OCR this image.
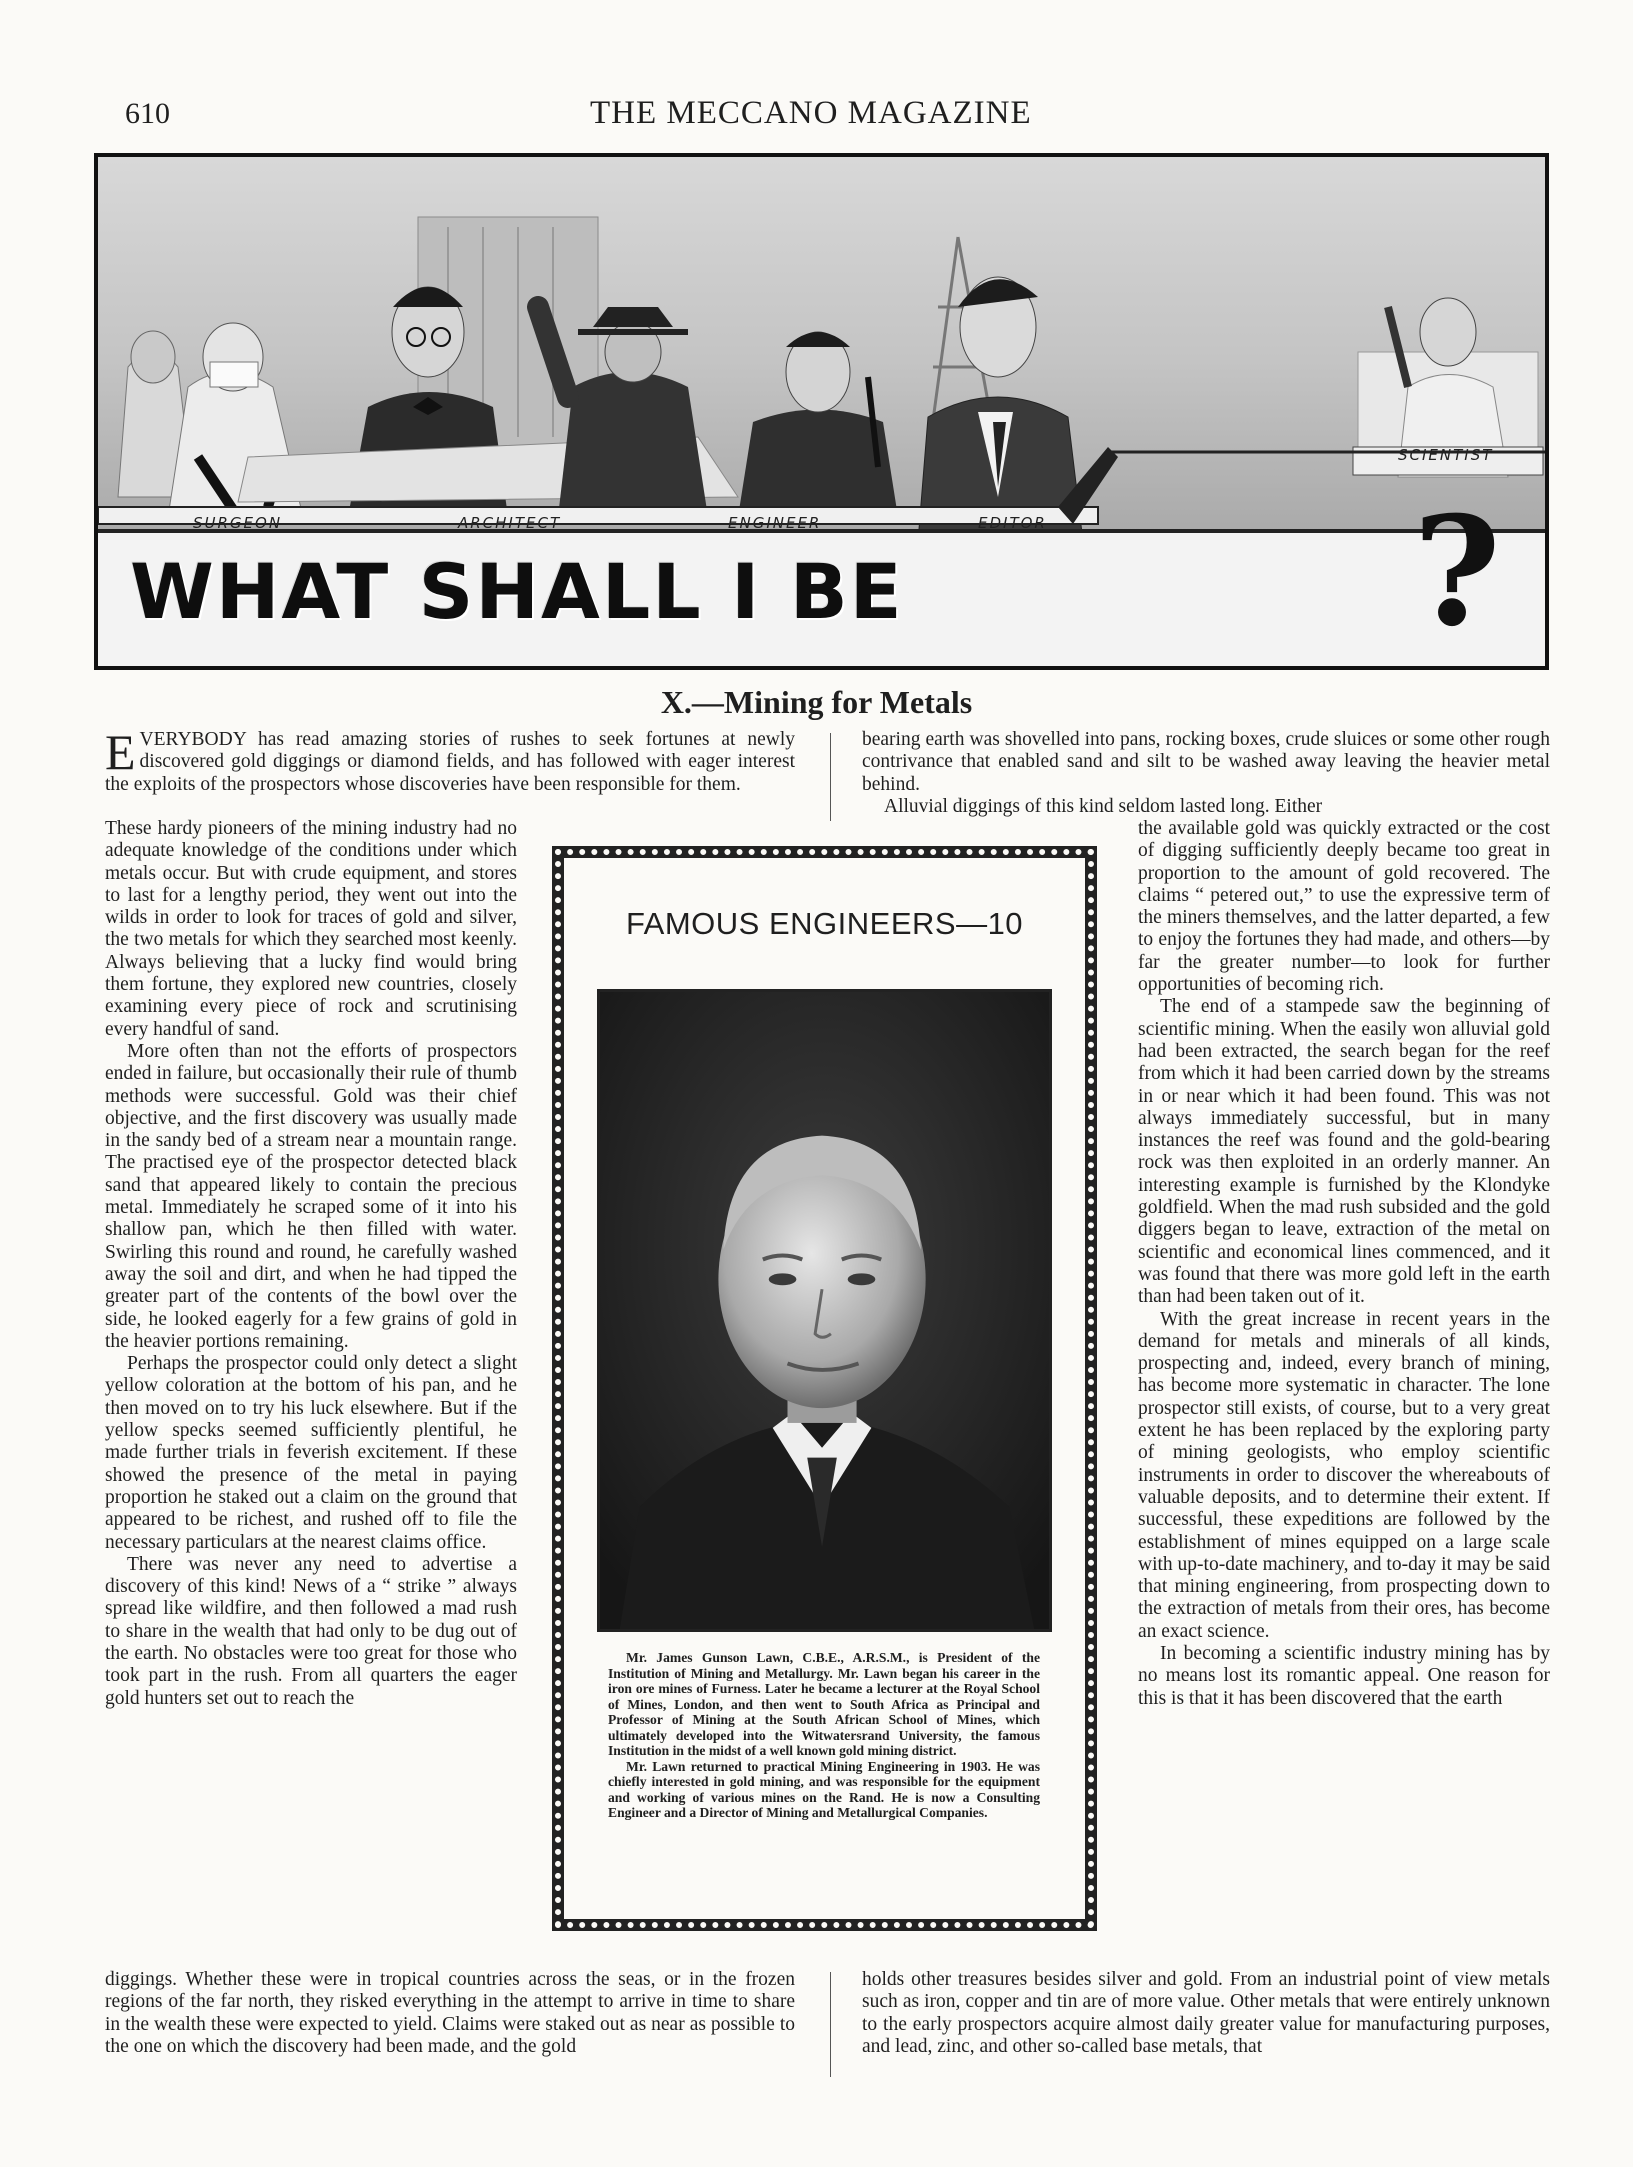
610	THE MECCANO MAGAZINE
SURGEON	ARCHITECT	ENGINEER	EDITOR
SCIENTIST
WHAT SHALL I BE	?
X.—Mining for Metals

EVERYBODY has read amazing stories of rushes to seek fortunes at newly discovered gold diggings or diamond fields, and has followed with eager interest the exploits of the prospectors whose discoveries have been responsible for them.

bearing earth was shovelled into pans, rocking boxes, crude sluices or some other rough contrivance that enabled sand and silt to be washed away leaving the heavier metal behind.

Alluvial diggings of this kind seldom lasted long. Either

These hardy pioneers of the mining industry had no adequate knowledge of the conditions under which metals occur. But with crude equipment, and stores to last for a lengthy period, they went out into the wilds in order to look for traces of gold and silver, the two metals for which they searched most keenly. Always believing that a lucky find would bring them fortune, they explored new countries, closely examining every piece of rock and scrutinising every handful of sand.

More often than not the efforts of prospectors ended in failure, but occasionally their rule of thumb methods were successful. Gold was their chief objective, and the first discovery was usually made in the sandy bed of a stream near a mountain range. The practised eye of the prospector detected black sand that appeared likely to contain the precious metal. Immediately he scraped some of it into his shallow pan, which he then filled with water. Swirling this round and round, he carefully washed away the soil and dirt, and when he had tipped the greater part of the contents of the bowl over the side, he looked eagerly for a few grains of gold in the heavier portions remaining.

Perhaps the prospector could only detect a slight yellow coloration at the bottom of his pan, and he then moved on to try his luck elsewhere. But if the yellow specks seemed sufficiently plentiful, he made further trials in feverish excitement. If these showed the presence of the metal in paying proportion he staked out a claim on the ground that appeared to be richest, and rushed off to file the necessary particulars at the nearest claims office.

There was never any need to advertise a discovery of this kind! News of a “ strike ” always spread like wildfire, and then followed a mad rush to share in the wealth that had only to be dug out of the earth. No obstacles were too great for those who took part in the rush. From all quarters the eager gold hunters set out to reach the

the available gold was quickly extracted or the cost of digging sufficiently deeply became too great in proportion to the amount of gold recovered. The claims “ petered out,” to use the expressive term of the miners themselves, and the latter departed, a few to enjoy the fortunes they had made, and others—by far the greater number—to look for further opportunities of becoming rich.

The end of a stampede saw the beginning of scientific mining. When the easily won alluvial gold had been extracted, the search began for the reef from which it had been carried down by the streams in or near which it had been found. This was not always immediately successful, but in many instances the reef was found and the gold-bearing rock was then exploited in an orderly manner. An interesting example is furnished by the Klondyke goldfield. When the mad rush subsided and the gold diggers began to leave, extraction of the metal on scientific and economical lines commenced, and it was found that there was more gold left in the earth than had been taken out of it.

With the great increase in recent years in the demand for metals and minerals of all kinds, prospecting and, indeed, every branch of mining, has become more systematic in character. The lone prospector still exists, of course, but to a very great extent he has been replaced by the exploring party of mining geologists, who employ scientific instruments in order to discover the whereabouts of valuable deposits, and to determine their extent. If successful, these expeditions are followed by the establishment of mines equipped on a large scale with up-to-date machinery, and to-day it may be said that mining engineering, from prospecting down to the extraction of metals from their ores, has become an exact science.

In becoming a scientific industry mining has by no means lost its romantic appeal. One reason for this is that it has been discovered that the earth

diggings. Whether these were in tropical countries across the seas, or in the frozen regions of the far north, they risked everything in the attempt to arrive in time to share in the wealth these were expected to yield. Claims were staked out as near as possible to the one on which the discovery had been made, and the gold

holds other treasures besides silver and gold. From an industrial point of view metals such as iron, copper and tin are of more value. Other metals that were entirely unknown to the early prospectors acquire almost daily greater value for manufacturing purposes, and lead, zinc, and other so-called base metals, that

FAMOUS ENGINEERS—10

Mr. James Gunson Lawn, C.B.E., A.R.S.M., is President of the Institution of Mining and Metallurgy. Mr. Lawn began his career in the iron ore mines of Furness. Later he became a lecturer at the Royal School of Mines, London, and then went to South Africa as Principal and Professor of Mining at the South African School of Mines, which ultimately developed into the Witwatersrand University, the famous Institution in the midst of a well known gold mining district.

Mr. Lawn returned to practical Mining Engineering in 1903. He was chiefly interested in gold mining, and was responsible for the equipment and working of various mines on the Rand. He is now a Consulting Engineer and a Director of Mining and Metallurgical Companies.
